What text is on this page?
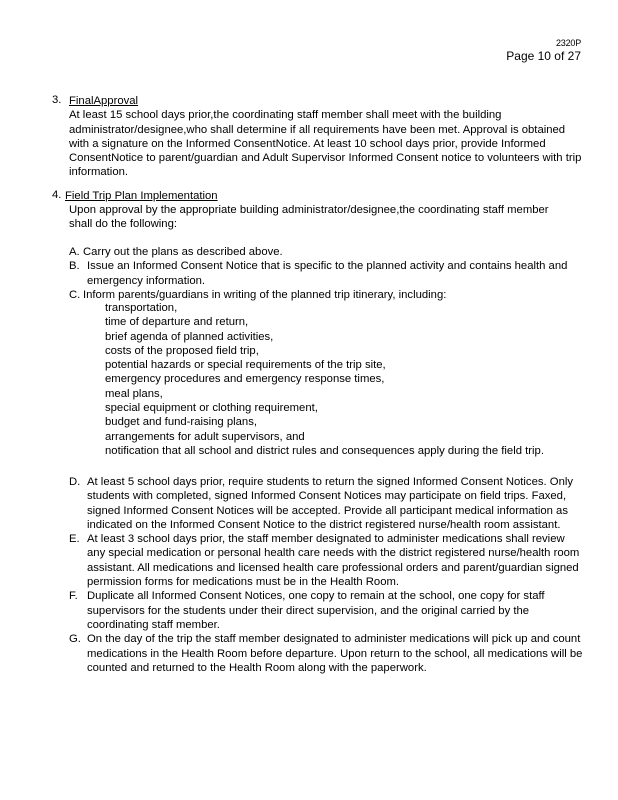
2320P
Page 10 of 27
3. FinalApproval
At least 15 school days prior,the coordinating staff member shall meet with the building administrator/designee,who shall determine if all requirements have been met. Approval is obtained with a signature on the Informed ConsentNotice. At least 10 school days prior, provide Informed ConsentNotice to parent/guardian and Adult Supervisor Informed Consent notice to volunteers with trip information.
4. Field Trip Plan Implementation
Upon approval by the appropriate building administrator/designee,the coordinating staff member shall do the following:
A. Carry out the plans as described above.
B. Issue an Informed Consent Notice that is specific to the planned activity and contains health and emergency information.
C. Inform parents/guardians in writing of the planned trip itinerary, including:
transportation,
time of departure and return,
brief agenda of planned activities,
costs of the proposed field trip,
potential hazards or special requirements of the trip site,
emergency procedures and emergency response times,
meal plans,
special equipment or clothing requirement,
budget and fund-raising plans,
arrangements for adult supervisors, and
notification that all school and district rules and consequences apply during the field trip.
D. At least 5 school days prior, require students to return the signed Informed Consent Notices. Only students with completed, signed Informed Consent Notices may participate on field trips. Faxed, signed Informed Consent Notices will be accepted. Provide all participant medical information as indicated on the Informed Consent Notice to the district registered nurse/health room assistant.
E. At least 3 school days prior, the staff member designated to administer medications shall review any special medication or personal health care needs with the district registered nurse/health room assistant. All medications and licensed health care professional orders and parent/guardian signed permission forms for medications must be in the Health Room.
F. Duplicate all Informed Consent Notices, one copy to remain at the school, one copy for staff supervisors for the students under their direct supervision, and the original carried by the coordinating staff member.
G. On the day of the trip the staff member designated to administer medications will pick up and count medications in the Health Room before departure. Upon return to the school, all medications will be counted and returned to the Health Room along with the paperwork.
